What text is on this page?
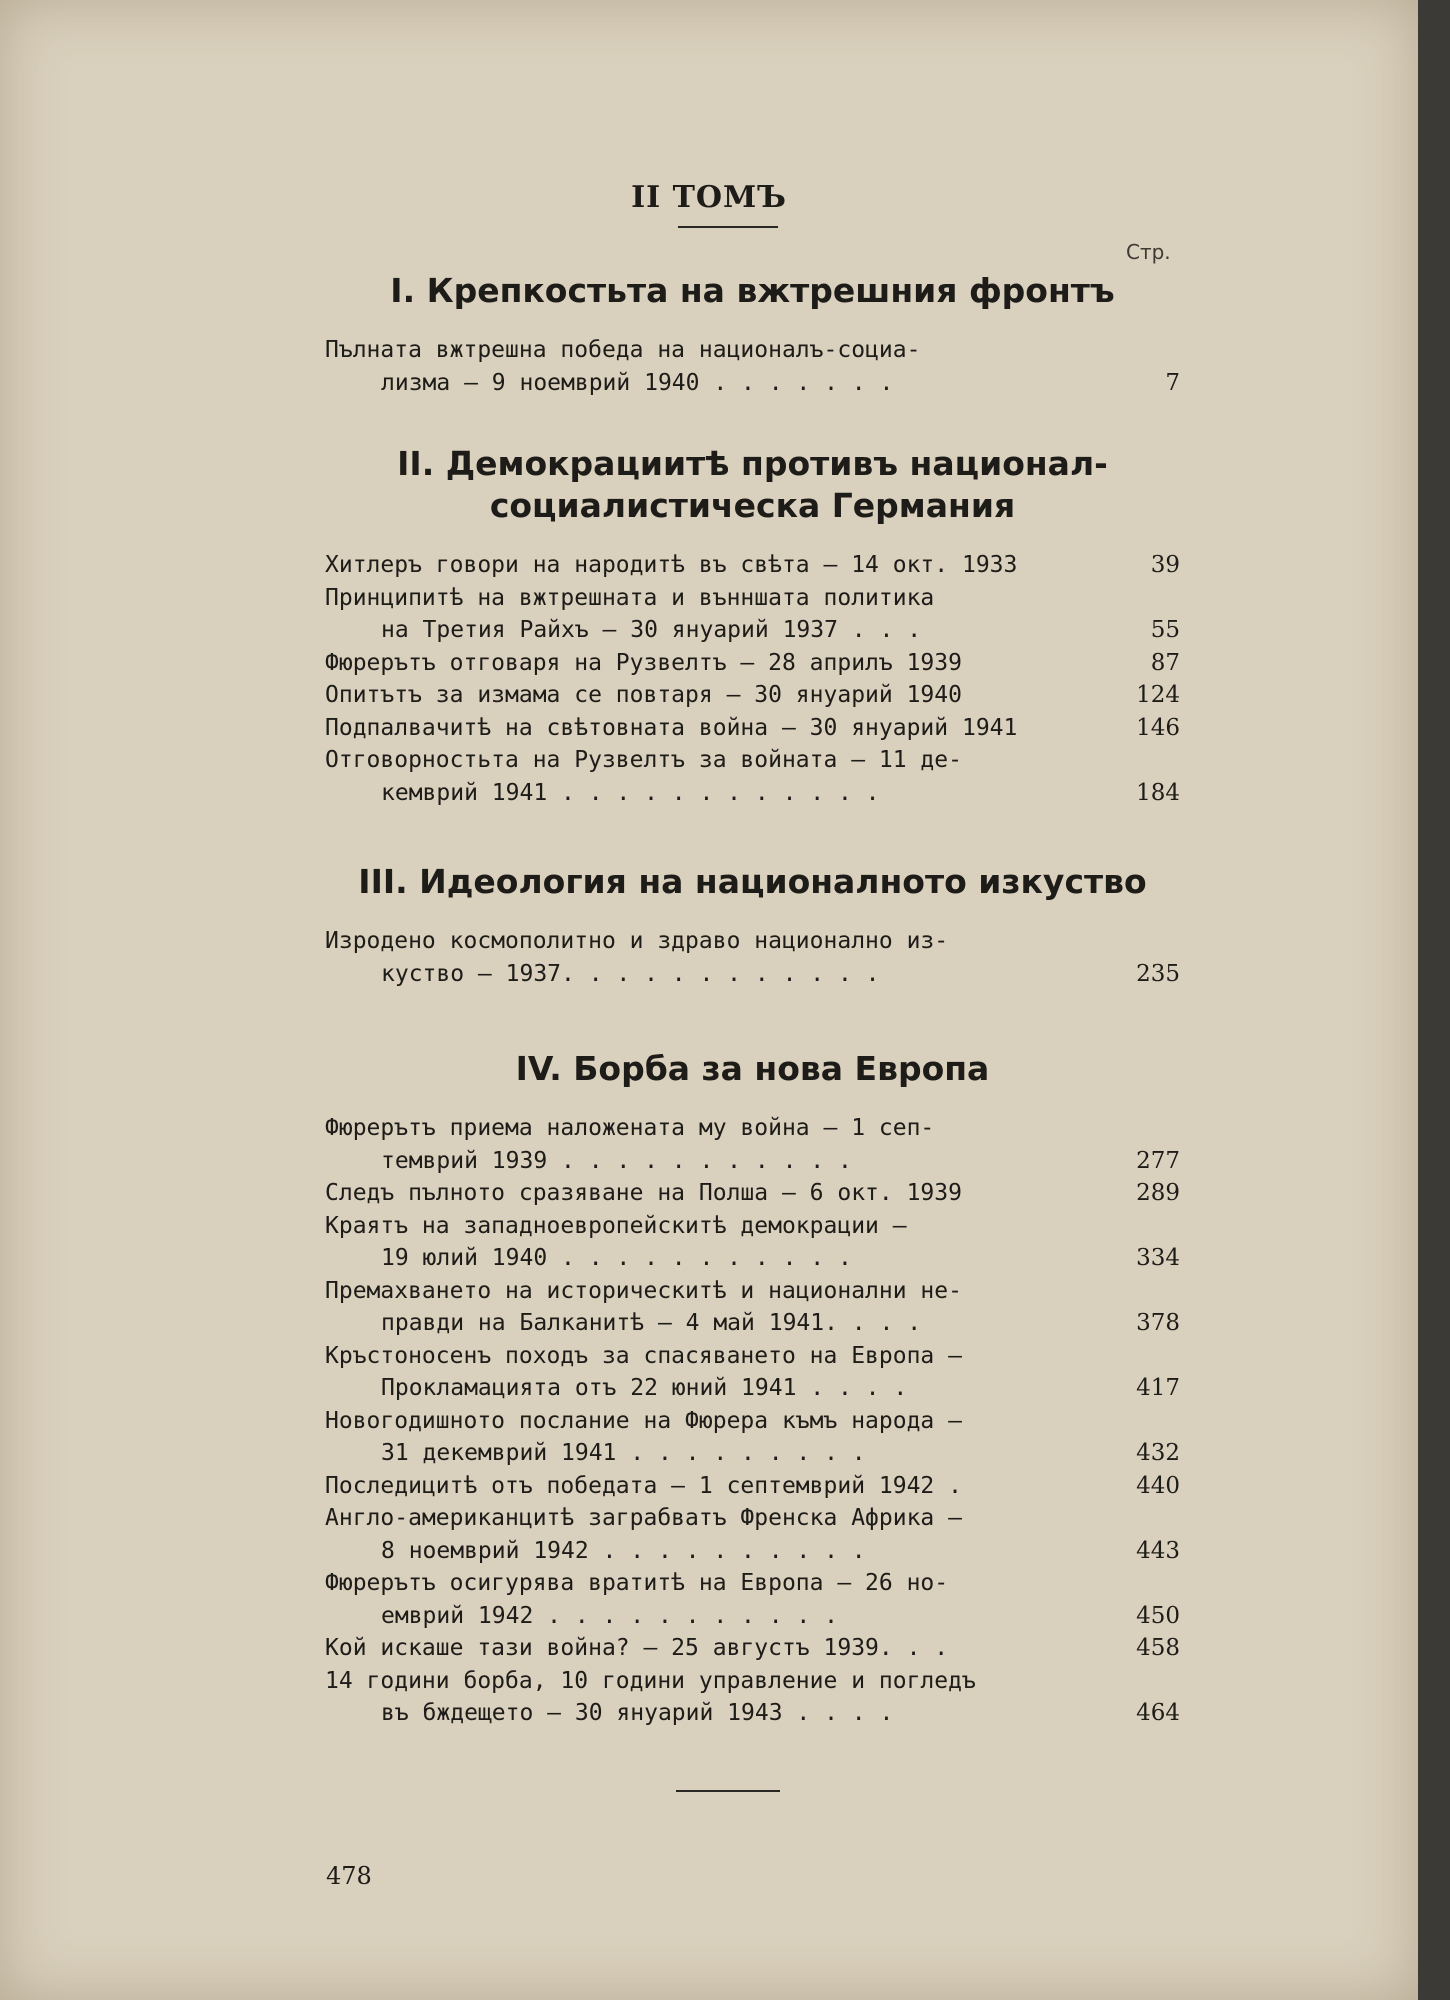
II ТОМЪ
Стр.
I. Крепкостьта на вжтрешния фронтъ
Пълната вжтрешна победа на националъ-социа-
лизма — 9 ноемврий 1940 . . . . . . .	7
II. Демокрациитѣ противъ национал-социалистическа Германия
Хитлеръ говори на народитѣ въ свѣта — 14 окт. 1933	39
Принципитѣ на вжтрешната и вънншата политика
на Третия Райхъ — 30 януарий 1937 . . .	55
Фюрерътъ отговаря на Рузвелтъ — 28 априлъ 1939	87
Опитътъ за измама се повтаря — 30 януарий 1940	124
Подпалвачитѣ на свѣтовната война — 30 януарий 1941	146
Отговорностьта на Рузвелтъ за войната — 11 де-
кемврий 1941 . . . . . . . . . . . .	184
III. Идеология на националното изкуство
Изродено космополитно и здраво национално из-
куство — 1937. . . . . . . . . . . .	235
IV. Борба за нова Европа
Фюрерътъ приема наложената му война — 1 сеп-
темврий 1939 . . . . . . . . . . .	277
Следъ пълното сразяване на Полша — 6 окт. 1939	289
Краятъ на западноевропейскитѣ демокрации —
19 юлий 1940 . . . . . . . . . . .	334
Премахването на историческитѣ и национални не-
правди на Балканитѣ — 4 май 1941. . . .	378
Кръстоносенъ походъ за спасяването на Европа —
Прокламацията отъ 22 юний 1941 . . . .	417
Новогодишното послание на Фюрера къмъ народа —
31 декемврий 1941 . . . . . . . . .	432
Последицитѣ отъ победата — 1 септемврий 1942 .	440
Англо-американцитѣ заграбватъ Френска Африка —
8 ноемврий 1942 . . . . . . . . . .	443
Фюрерътъ осигурява вратитѣ на Европа — 26 но-
емврий 1942 . . . . . . . . . . .	450
Кой искаше тази война? — 25 августъ 1939. . .	458
14 години борба, 10 години управление и погледъ
въ бждещето — 30 януарий 1943 . . . .	464
478
